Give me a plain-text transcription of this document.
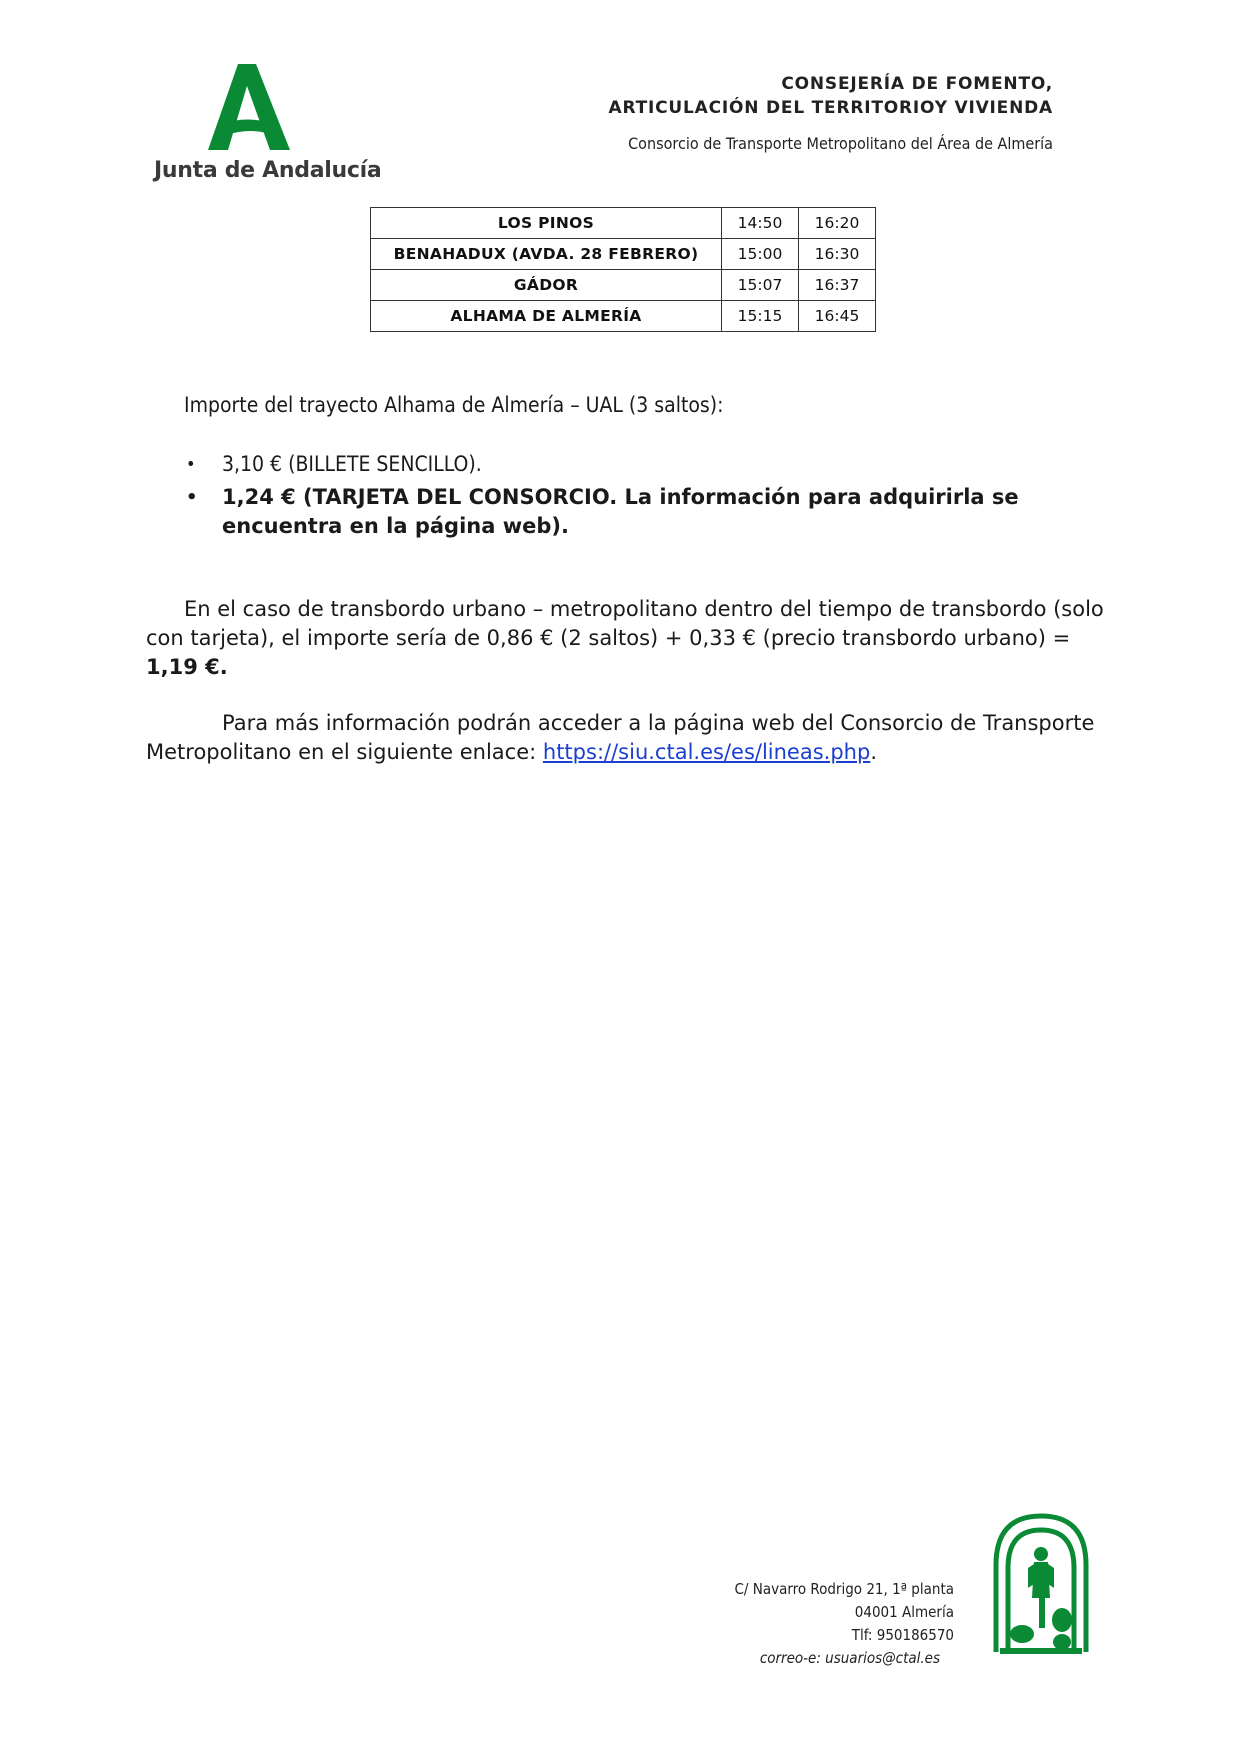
Junta de Andalucía
CONSEJERÍA DE FOMENTO,
ARTICULACIÓN DEL TERRITORIOY VIVIENDA
Consorcio de Transporte Metropolitano del Área de Almería
LOS PINOS	14:50	16:20
BENAHADUX (AVDA. 28 FEBRERO)	15:00	16:30
GÁDOR	15:07	16:37
ALHAMA DE ALMERÍA	15:15	16:45
Importe del trayecto Alhama de Almería – UAL (3 saltos):
• 3,10 € (BILLETE SENCILLO).
• 1,24 € (TARJETA DEL CONSORCIO. La información para adquirirla se encuentra en la página web).
En el caso de transbordo urbano – metropolitano dentro del tiempo de transbordo (solo con tarjeta), el importe sería de 0,86 € (2 saltos) + 0,33 € (precio transbordo urbano) = 1,19 €.
Para más información podrán acceder a la página web del Consorcio de Transporte Metropolitano en el siguiente enlace: https://siu.ctal.es/es/lineas.php.
C/ Navarro Rodrigo 21, 1ª planta
04001 Almería
Tlf: 950186570
correo-e: usuarios@ctal.es
